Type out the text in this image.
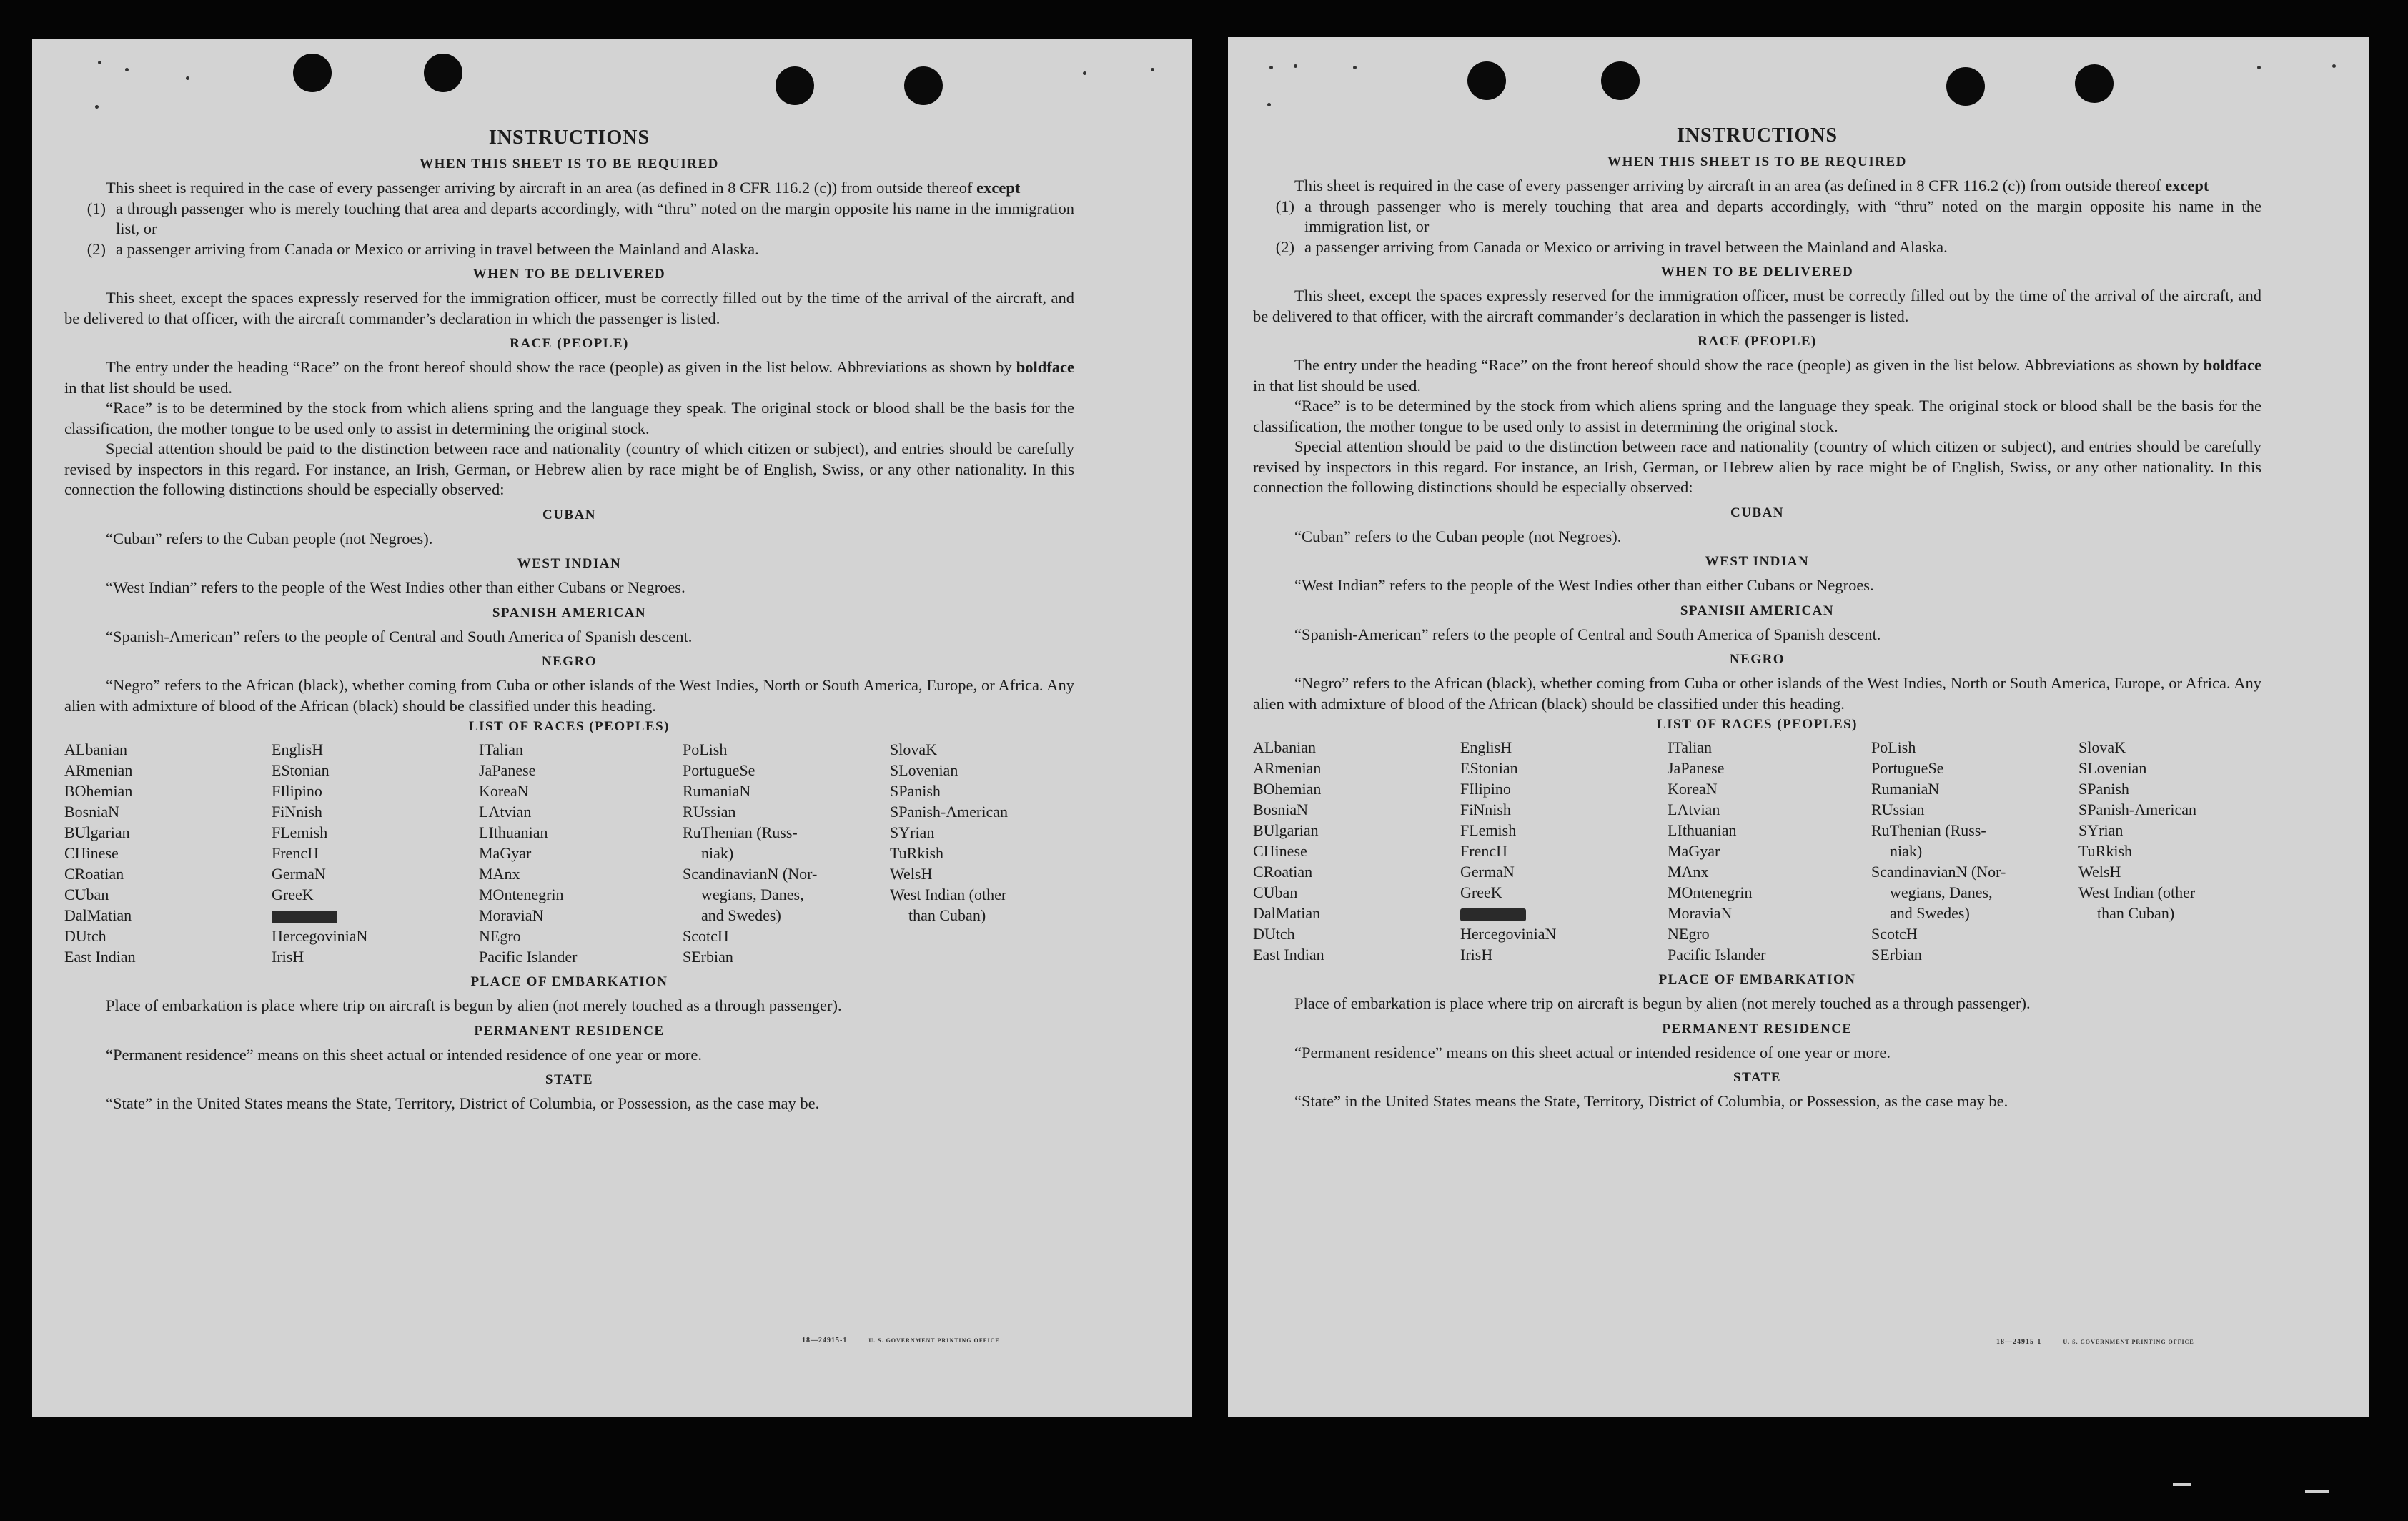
INSTRUCTIONS
WHEN THIS SHEET IS TO BE REQUIRED

This sheet is required in the case of every passenger arriving by aircraft in an area (as defined in 8 CFR 116.2 (c)) from outside thereof except

(1) a through passenger who is merely touching that area and departs accordingly, with “thru” noted on the margin opposite his name in the immigration list, or
(2) a passenger arriving from Canada or Mexico or arriving in travel between the Mainland and Alaska.
WHEN TO BE DELIVERED

This sheet, except the spaces expressly reserved for the immigration officer, must be correctly filled out by the time of the arrival of the aircraft, and be delivered to that officer, with the aircraft commander’s declaration in which the passenger is listed.

RACE (PEOPLE)

The entry under the heading “Race” on the front hereof should show the race (people) as given in the list below. Abbreviations as shown by boldface in that list should be used.

“Race” is to be determined by the stock from which aliens spring and the language they speak. The original stock or blood shall be the basis for the classification, the mother tongue to be used only to assist in determining the original stock.

Special attention should be paid to the distinction between race and nationality (country of which citizen or subject), and entries should be carefully revised by inspectors in this regard. For instance, an Irish, German, or Hebrew alien by race might be of English, Swiss, or any other nationality. In this connection the following distinctions should be especially observed:

CUBAN

“Cuban” refers to the Cuban people (not Negroes).

WEST INDIAN

“West Indian” refers to the people of the West Indies other than either Cubans or Negroes.

SPANISH AMERICAN

“Spanish-American” refers to the people of Central and South America of Spanish descent.

NEGRO

“Negro” refers to the African (black), whether coming from Cuba or other islands of the West Indies, North or South America, Europe, or Africa. Any alien with admixture of blood of the African (black) should be classified under this heading.

LIST OF RACES (PEOPLES)
ALbanian
ARmenian
BOhemian
BosniaN
BUlgarian
CHinese
CRoatian
CUban
DalMatian
DUtch
East Indian
EnglisH
EStonian
FIlipino
FiNnish
FLemish
FrencH
GermaN
GreeK
HercegoviniaN
IrisH
ITalian
JaPanese
KoreaN
LAtvian
LIthuanian
MaGyar
MAnx
MOntenegrin
MoraviaN
NEgro
Pacific Islander
PoLish
PortugueSe
RumaniaN
RUssian
RuThenian (Russ-
niak)
ScandinavianN (Nor-
wegians, Danes,
and Swedes)
ScotcH
SErbian
SlovaK
SLovenian
SPanish
SPanish-American
SYrian
TuRkish
WelsH
West Indian (other
than Cuban)
PLACE OF EMBARKATION

Place of embarkation is place where trip on aircraft is begun by alien (not merely touched as a through passenger).

PERMANENT RESIDENCE

“Permanent residence” means on this sheet actual or intended residence of one year or more.

STATE

“State” in the United States means the State, Territory, District of Columbia, or Possession, as the case may be.

18—24915-1	U. S. GOVERNMENT PRINTING OFFICE
INSTRUCTIONS
WHEN THIS SHEET IS TO BE REQUIRED

This sheet is required in the case of every passenger arriving by aircraft in an area (as defined in 8 CFR 116.2 (c)) from outside thereof except

(1) a through passenger who is merely touching that area and departs accordingly, with “thru” noted on the margin opposite his name in the immigration list, or
(2) a passenger arriving from Canada or Mexico or arriving in travel between the Mainland and Alaska.
WHEN TO BE DELIVERED

This sheet, except the spaces expressly reserved for the immigration officer, must be correctly filled out by the time of the arrival of the aircraft, and be delivered to that officer, with the aircraft commander’s declaration in which the passenger is listed.

RACE (PEOPLE)

The entry under the heading “Race” on the front hereof should show the race (people) as given in the list below. Abbreviations as shown by boldface in that list should be used.

“Race” is to be determined by the stock from which aliens spring and the language they speak. The original stock or blood shall be the basis for the classification, the mother tongue to be used only to assist in determining the original stock.

Special attention should be paid to the distinction between race and nationality (country of which citizen or subject), and entries should be carefully revised by inspectors in this regard. For instance, an Irish, German, or Hebrew alien by race might be of English, Swiss, or any other nationality. In this connection the following distinctions should be especially observed:

CUBAN

“Cuban” refers to the Cuban people (not Negroes).

WEST INDIAN

“West Indian” refers to the people of the West Indies other than either Cubans or Negroes.

SPANISH AMERICAN

“Spanish-American” refers to the people of Central and South America of Spanish descent.

NEGRO

“Negro” refers to the African (black), whether coming from Cuba or other islands of the West Indies, North or South America, Europe, or Africa. Any alien with admixture of blood of the African (black) should be classified under this heading.

LIST OF RACES (PEOPLES)
ALbanian
ARmenian
BOhemian
BosniaN
BUlgarian
CHinese
CRoatian
CUban
DalMatian
DUtch
East Indian
EnglisH
EStonian
FIlipino
FiNnish
FLemish
FrencH
GermaN
GreeK
HercegoviniaN
IrisH
ITalian
JaPanese
KoreaN
LAtvian
LIthuanian
MaGyar
MAnx
MOntenegrin
MoraviaN
NEgro
Pacific Islander
PoLish
PortugueSe
RumaniaN
RUssian
RuThenian (Russ-
niak)
ScandinavianN (Nor-
wegians, Danes,
and Swedes)
ScotcH
SErbian
SlovaK
SLovenian
SPanish
SPanish-American
SYrian
TuRkish
WelsH
West Indian (other
than Cuban)
PLACE OF EMBARKATION

Place of embarkation is place where trip on aircraft is begun by alien (not merely touched as a through passenger).

PERMANENT RESIDENCE

“Permanent residence” means on this sheet actual or intended residence of one year or more.

STATE

“State” in the United States means the State, Territory, District of Columbia, or Possession, as the case may be.

18—24915-1	U. S. GOVERNMENT PRINTING OFFICE
